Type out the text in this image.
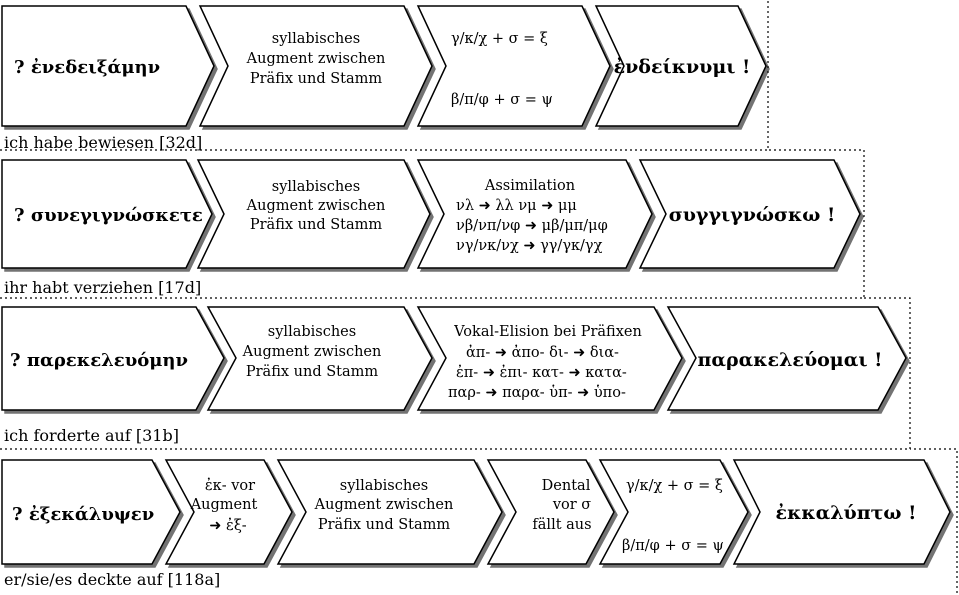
? ἐνεδειξάμην
syllabisches
Augment zwischen
Präfix und Stamm
γ/κ/χ + σ = ξ
β/π/φ + σ = ψ
ἐνδείκνυμι !
ich habe bewiesen [32d]
? συνεγιγνώσκετε
syllabisches
Augment zwischen
Präfix und Stamm
Assimilation
νλ ➜ λλ νμ ➜ μμ
νβ/νπ/νφ ➜ μβ/μπ/μφ
νγ/νκ/νχ ➜ γγ/γκ/γχ
συγγιγνώσκω !
ihr habt verziehen [17d]
? παρεκελευόμην
syllabisches
Augment zwischen
Präfix und Stamm
Vokal-Elision bei Präfixen
ἀπ- ➜ ἀπο- δι- ➜ δια-
ἐπ- ➜ ἐπι- κατ- ➜ κατα-
παρ- ➜ παρα- ὑπ- ➜ ὑπο-
παρακελεύομαι !
ich forderte auf [31b]
? ἐξεκάλυψεν
ἐκ- vor
Augment
➜ ἐξ-
syllabisches
Augment zwischen
Präfix und Stamm
Dental
vor σ
fällt aus
γ/κ/χ + σ = ξ
β/π/φ + σ = ψ
ἐκκαλύπτω !
er/sie/es deckte auf [118a]
